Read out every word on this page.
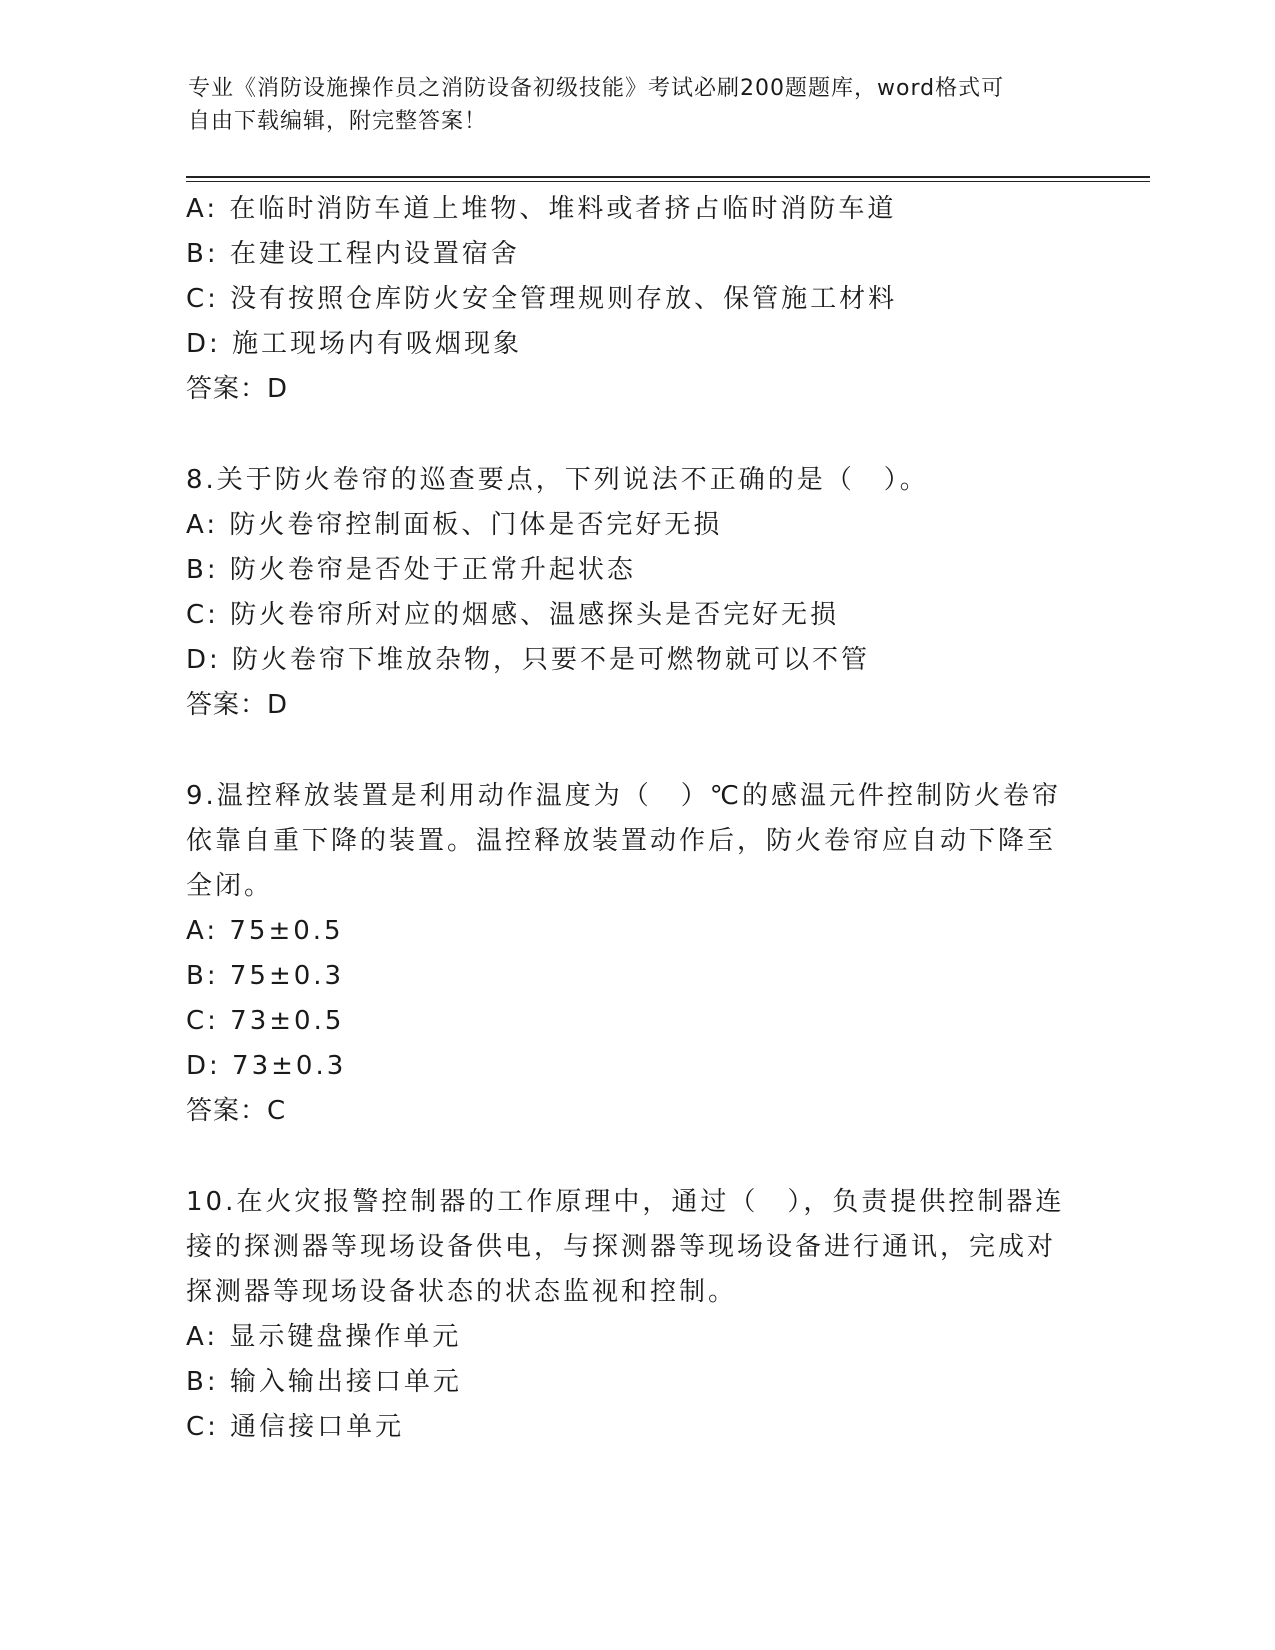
专业《消防设施操作员之消防设备初级技能》考试必刷200题题库，word格式可
自由下载编辑，附完整答案！
A: 在临时消防车道上堆物、堆料或者挤占临时消防车道
B: 在建设工程内设置宿舍
C: 没有按照仓库防火安全管理规则存放、保管施工材料
D: 施工现场内有吸烟现象
答案：D
8.关于防火卷帘的巡查要点，下列说法不正确的是（　）。
A: 防火卷帘控制面板、门体是否完好无损
B: 防火卷帘是否处于正常升起状态
C: 防火卷帘所对应的烟感、温感探头是否完好无损
D: 防火卷帘下堆放杂物，只要不是可燃物就可以不管
答案：D
9.温控释放装置是利用动作温度为（　）℃的感温元件控制防火卷帘
依靠自重下降的装置。温控释放装置动作后，防火卷帘应自动下降至
全闭。
A: 75±0.5
B: 75±0.3
C: 73±0.5
D: 73±0.3
答案：C
10.在火灾报警控制器的工作原理中，通过（　），负责提供控制器连
接的探测器等现场设备供电，与探测器等现场设备进行通讯，完成对
探测器等现场设备状态的状态监视和控制。
A: 显示键盘操作单元
B: 输入输出接口单元
C: 通信接口单元
